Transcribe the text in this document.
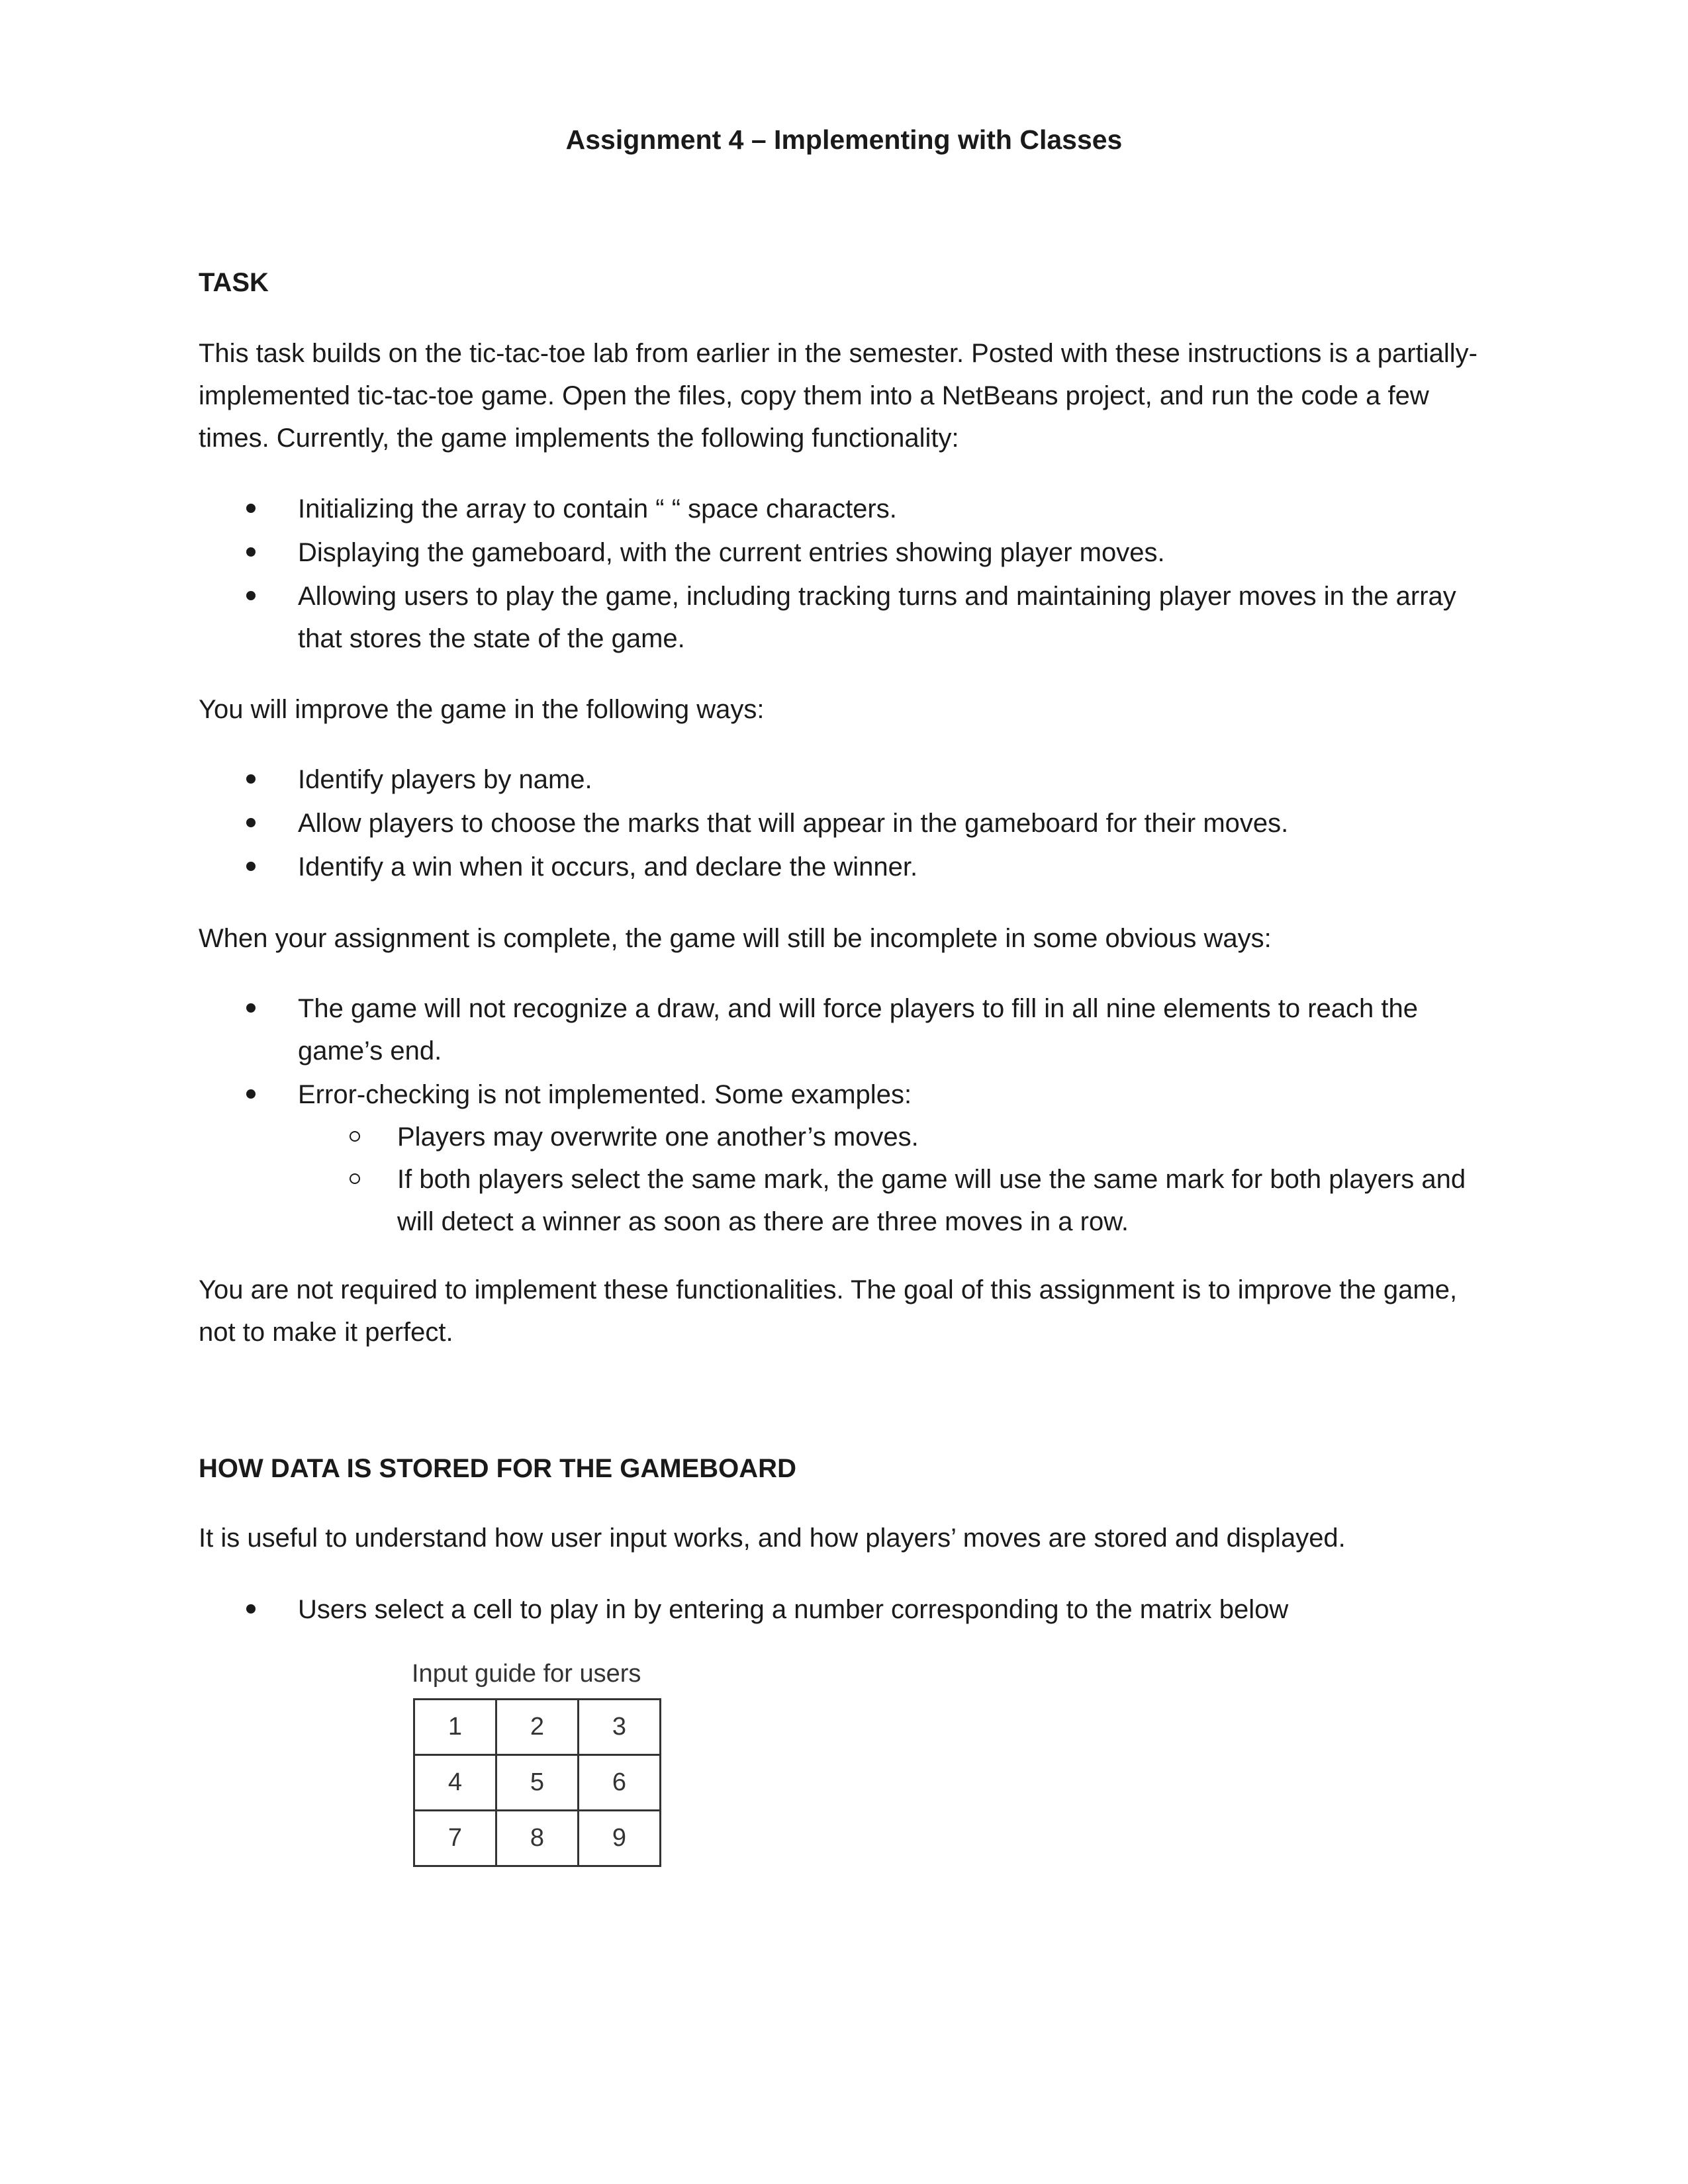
Assignment 4 – Implementing with Classes
TASK

This task builds on the tic-tac-toe lab from earlier in the semester. Posted with these instructions is a partially-implemented tic-tac-toe game. Open the files, copy them into a NetBeans project, and run the code a few times. Currently, the game implements the following functionality:

Initializing the array to contain “ “ space characters.
Displaying the gameboard, with the current entries showing player moves.
Allowing users to play the game, including tracking turns and maintaining player moves in the array that stores the state of the game.

You will improve the game in the following ways:

Identify players by name.
Allow players to choose the marks that will appear in the gameboard for their moves.
Identify a win when it occurs, and declare the winner.

When your assignment is complete, the game will still be incomplete in some obvious ways:

The game will not recognize a draw, and will force players to fill in all nine elements to reach the game’s end.
Error-checking is not implemented. Some examples:
Players may overwrite one another’s moves.
If both players select the same mark, the game will use the same mark for both players and will detect a winner as soon as there are three moves in a row.

You are not required to implement these functionalities. The goal of this assignment is to improve the game, not to make it perfect.

HOW DATA IS STORED FOR THE GAMEBOARD

It is useful to understand how user input works, and how players’ moves are stored and displayed.

Users select a cell to play in by entering a number corresponding to the matrix below
Input guide for users
1	2	3
4	5	6
7	8	9
